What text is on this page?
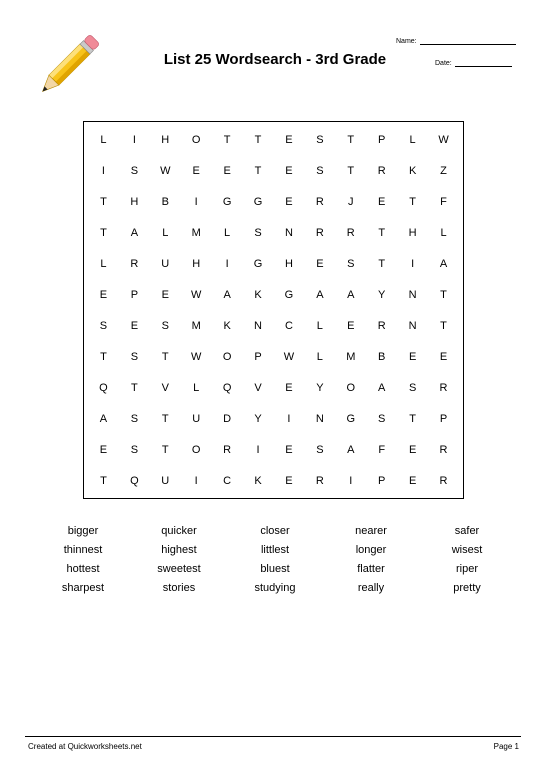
List 25 Wordsearch - 3rd Grade
Name:
Date:
L	I	H	O	T	T	E	S	T	P	L	W
I	S	W	E	E	T	E	S	T	R	K	Z
T	H	B	I	G	G	E	R	J	E	T	F
T	A	L	M	L	S	N	R	R	T	H	L
L	R	U	H	I	G	H	E	S	T	I	A
E	P	E	W	A	K	G	A	A	Y	N	T
S	E	S	M	K	N	C	L	E	R	N	T
T	S	T	W	O	P	W	L	M	B	E	E
Q	T	V	L	Q	V	E	Y	O	A	S	R
A	S	T	U	D	Y	I	N	G	S	T	P
E	S	T	O	R	I	E	S	A	F	E	R
T	Q	U	I	C	K	E	R	I	P	E	R
bigger	quicker	closer	nearer	safer
thinnest	highest	littlest	longer	wisest
hottest	sweetest	bluest	flatter	riper
sharpest	stories	studying	really	pretty
Created at Quickworksheets.net	Page 1
